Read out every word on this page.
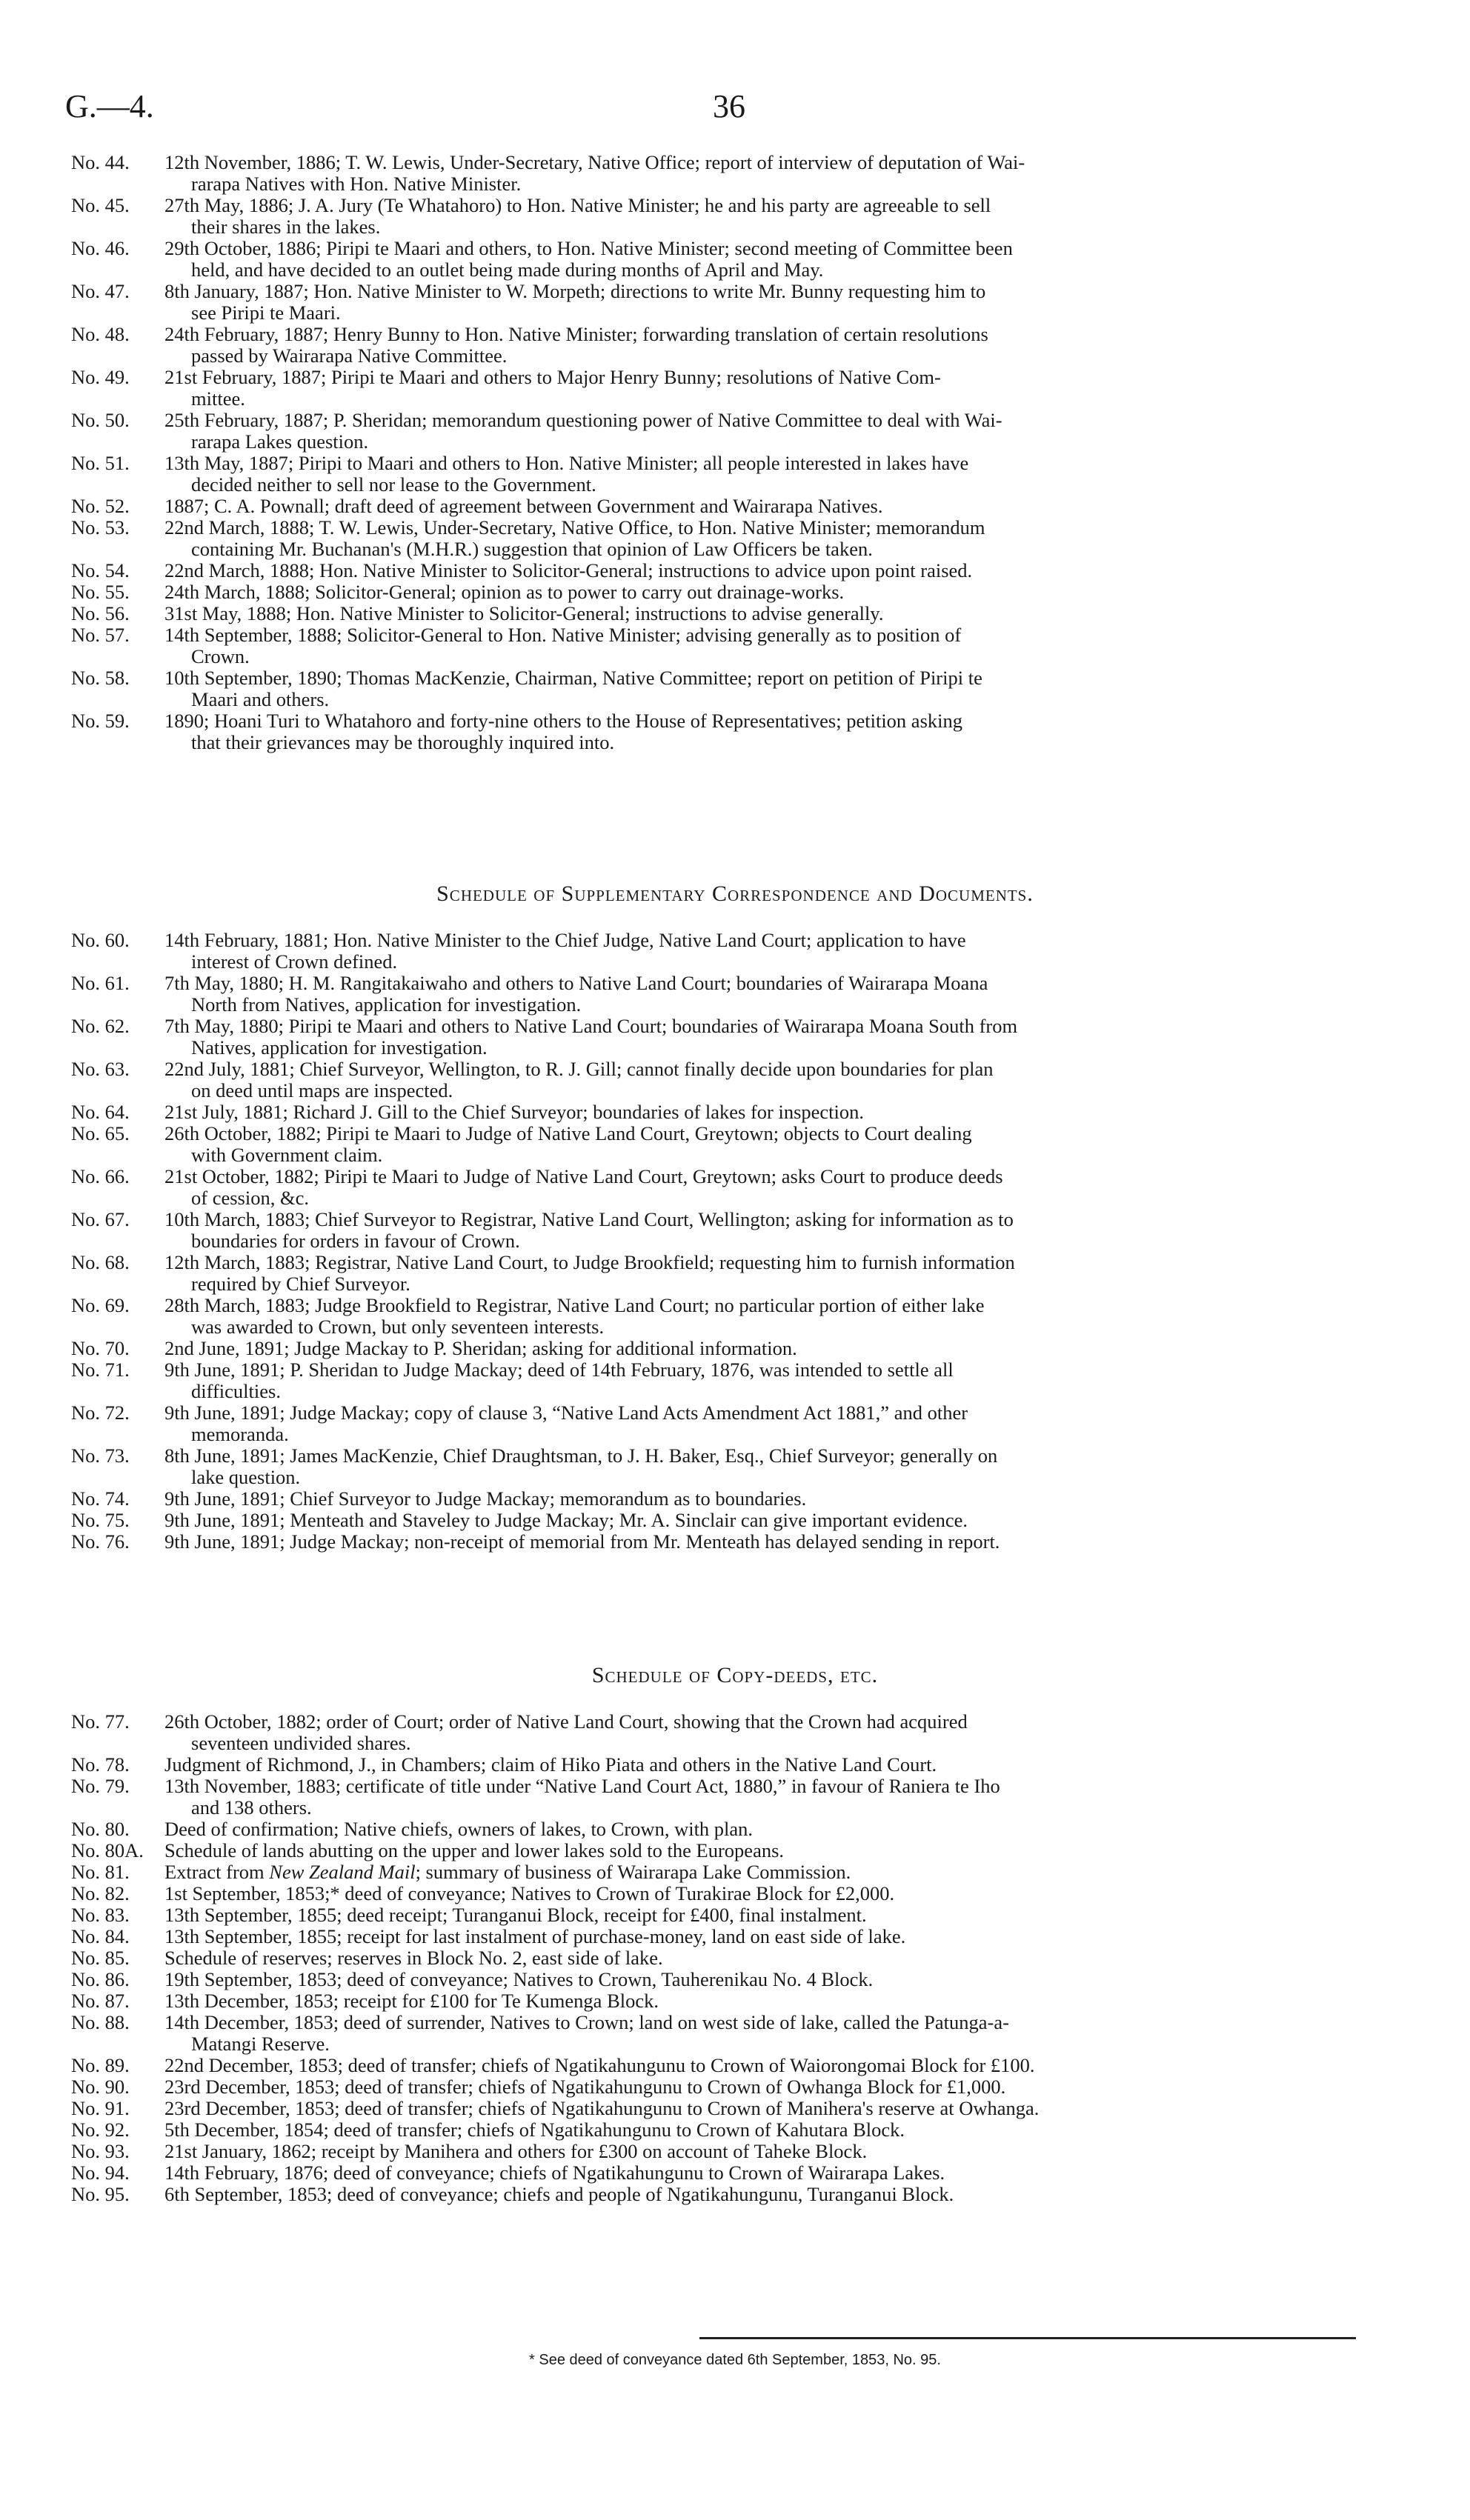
G.—4.	36
No. 44.	12th November, 1886; T. W. Lewis, Under-Secretary, Native Office; report of interview of deputation of Wai-
rarapa Natives with Hon. Native Minister.
No. 45.	27th May, 1886; J. A. Jury (Te Whatahoro) to Hon. Native Minister; he and his party are agreeable to sell
their shares in the lakes.
No. 46.	29th October, 1886; Piripi te Maari and others, to Hon. Native Minister; second meeting of Committee been
held, and have decided to an outlet being made during months of April and May.
No. 47.	8th January, 1887; Hon. Native Minister to W. Morpeth; directions to write Mr. Bunny requesting him to
see Piripi te Maari.
No. 48.	24th February, 1887; Henry Bunny to Hon. Native Minister; forwarding translation of certain resolutions
passed by Wairarapa Native Committee.
No. 49.	21st February, 1887; Piripi te Maari and others to Major Henry Bunny; resolutions of Native Com-
mittee.
No. 50.	25th February, 1887; P. Sheridan; memorandum questioning power of Native Committee to deal with Wai-
rarapa Lakes question.
No. 51.	13th May, 1887; Piripi to Maari and others to Hon. Native Minister; all people interested in lakes have
decided neither to sell nor lease to the Government.
No. 52.	1887; C. A. Pownall; draft deed of agreement between Government and Wairarapa Natives.
No. 53.	22nd March, 1888; T. W. Lewis, Under-Secretary, Native Office, to Hon. Native Minister; memorandum
containing Mr. Buchanan's (M.H.R.) suggestion that opinion of Law Officers be taken.
No. 54.	22nd March, 1888; Hon. Native Minister to Solicitor-General; instructions to advice upon point raised.
No. 55.	24th March, 1888; Solicitor-General; opinion as to power to carry out drainage-works.
No. 56.	31st May, 1888; Hon. Native Minister to Solicitor-General; instructions to advise generally.
No. 57.	14th September, 1888; Solicitor-General to Hon. Native Minister; advising generally as to position of
Crown.
No. 58.	10th September, 1890; Thomas MacKenzie, Chairman, Native Committee; report on petition of Piripi te
Maari and others.
No. 59.	1890; Hoani Turi to Whatahoro and forty-nine others to the House of Representatives; petition asking
that their grievances may be thoroughly inquired into.
Schedule of Supplementary Correspondence and Documents.
No. 60.	14th February, 1881; Hon. Native Minister to the Chief Judge, Native Land Court; application to have
interest of Crown defined.
No. 61.	7th May, 1880; H. M. Rangitakaiwaho and others to Native Land Court; boundaries of Wairarapa Moana
North from Natives, application for investigation.
No. 62.	7th May, 1880; Piripi te Maari and others to Native Land Court; boundaries of Wairarapa Moana South from
Natives, application for investigation.
No. 63.	22nd July, 1881; Chief Surveyor, Wellington, to R. J. Gill; cannot finally decide upon boundaries for plan
on deed until maps are inspected.
No. 64.	21st July, 1881; Richard J. Gill to the Chief Surveyor; boundaries of lakes for inspection.
No. 65.	26th October, 1882; Piripi te Maari to Judge of Native Land Court, Greytown; objects to Court dealing
with Government claim.
No. 66.	21st October, 1882; Piripi te Maari to Judge of Native Land Court, Greytown; asks Court to produce deeds
of cession, &c.
No. 67.	10th March, 1883; Chief Surveyor to Registrar, Native Land Court, Wellington; asking for information as to
boundaries for orders in favour of Crown.
No. 68.	12th March, 1883; Registrar, Native Land Court, to Judge Brookfield; requesting him to furnish information
required by Chief Surveyor.
No. 69.	28th March, 1883; Judge Brookfield to Registrar, Native Land Court; no particular portion of either lake
was awarded to Crown, but only seventeen interests.
No. 70.	2nd June, 1891; Judge Mackay to P. Sheridan; asking for additional information.
No. 71.	9th June, 1891; P. Sheridan to Judge Mackay; deed of 14th February, 1876, was intended to settle all
difficulties.
No. 72.	9th June, 1891; Judge Mackay; copy of clause 3, “Native Land Acts Amendment Act 1881,” and other
memoranda.
No. 73.	8th June, 1891; James MacKenzie, Chief Draughtsman, to J. H. Baker, Esq., Chief Surveyor; generally on
lake question.
No. 74.	9th June, 1891; Chief Surveyor to Judge Mackay; memorandum as to boundaries.
No. 75.	9th June, 1891; Menteath and Staveley to Judge Mackay; Mr. A. Sinclair can give important evidence.
No. 76.	9th June, 1891; Judge Mackay; non-receipt of memorial from Mr. Menteath has delayed sending in report.
Schedule of Copy-deeds, etc.
No. 77.	26th October, 1882; order of Court; order of Native Land Court, showing that the Crown had acquired
seventeen undivided shares.
No. 78.	Judgment of Richmond, J., in Chambers; claim of Hiko Piata and others in the Native Land Court.
No. 79.	13th November, 1883; certificate of title under “Native Land Court Act, 1880,” in favour of Raniera te Iho
and 138 others.
No. 80.	Deed of confirmation; Native chiefs, owners of lakes, to Crown, with plan.
No. 80A.	Schedule of lands abutting on the upper and lower lakes sold to the Europeans.
No. 81.	Extract from New Zealand Mail; summary of business of Wairarapa Lake Commission.
No. 82.	1st September, 1853;* deed of conveyance; Natives to Crown of Turakirae Block for £2,000.
No. 83.	13th September, 1855; deed receipt; Turanganui Block, receipt for £400, final instalment.
No. 84.	13th September, 1855; receipt for last instalment of purchase-money, land on east side of lake.
No. 85.	Schedule of reserves; reserves in Block No. 2, east side of lake.
No. 86.	19th September, 1853; deed of conveyance; Natives to Crown, Tauherenikau No. 4 Block.
No. 87.	13th December, 1853; receipt for £100 for Te Kumenga Block.
No. 88.	14th December, 1853; deed of surrender, Natives to Crown; land on west side of lake, called the Patunga-a-
Matangi Reserve.
No. 89.	22nd December, 1853; deed of transfer; chiefs of Ngatikahungunu to Crown of Waiorongomai Block for £100.
No. 90.	23rd December, 1853; deed of transfer; chiefs of Ngatikahungunu to Crown of Owhanga Block for £1,000.
No. 91.	23rd December, 1853; deed of transfer; chiefs of Ngatikahungunu to Crown of Manihera's reserve at Owhanga.
No. 92.	5th December, 1854; deed of transfer; chiefs of Ngatikahungunu to Crown of Kahutara Block.
No. 93.	21st January, 1862; receipt by Manihera and others for £300 on account of Taheke Block.
No. 94.	14th February, 1876; deed of conveyance; chiefs of Ngatikahungunu to Crown of Wairarapa Lakes.
No. 95.	6th September, 1853; deed of conveyance; chiefs and people of Ngatikahungunu, Turanganui Block.
* See deed of conveyance dated 6th September, 1853, No. 95.
